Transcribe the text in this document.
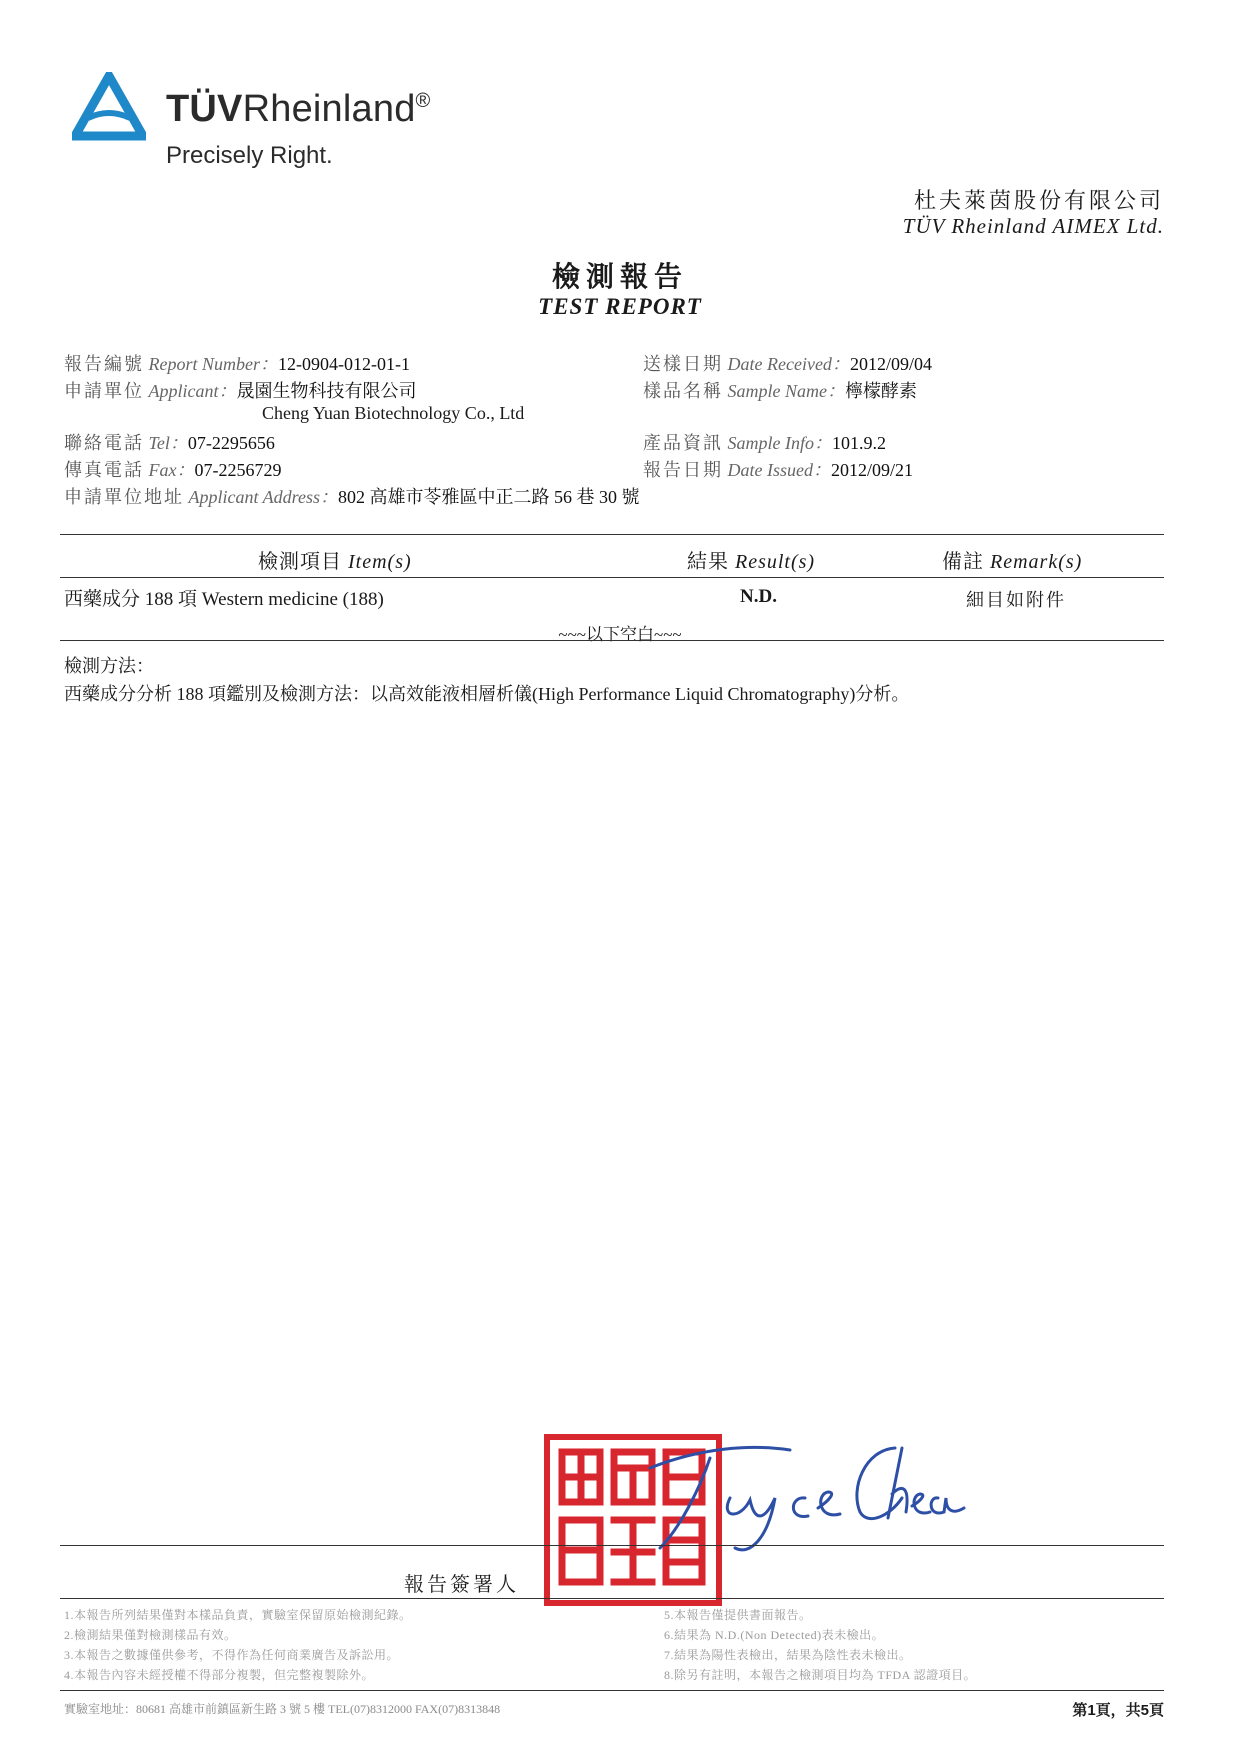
TÜVRheinland®
Precisely Right.
杜夫萊茵股份有限公司
TÜV Rheinland AIMEX Ltd.
檢測報告
TEST REPORT
報告編號 Report Number：12-0904-012-01-1	送樣日期 Date Received：2012/09/04
申請單位 Applicant：晟園生物科技有限公司	樣品名稱 Sample Name：檸檬酵素
Cheng Yuan Biotechnology Co., Ltd
聯絡電話 Tel：07-2295656	產品資訊 Sample Info：101.9.2
傳真電話 Fax：07-2256729	報告日期 Date Issued：2012/09/21
申請單位地址 Applicant Address：802 高雄市苓雅區中正二路 56 巷 30 號
檢測項目 Item(s)	結果 Result(s)	備註 Remark(s)
西藥成分 188 項 Western medicine (188)	N.D.	細目如附件
~~~以下空白~~~
檢測方法：
西藥成分分析 188 項鑑別及檢測方法：以高效能液相層析儀(High Performance Liquid Chromatography)分析。
報告簽署人
1.本報告所列結果僅對本樣品負責，實驗室保留原始檢測紀錄。
2.檢測結果僅對檢測樣品有效。
3.本報告之數據僅供參考，不得作為任何商業廣告及訴訟用。
4.本報告內容未經授權不得部分複製，但完整複製除外。
5.本報告僅提供書面報告。
6.結果為 N.D.(Non Detected)表未檢出。
7.結果為陽性表檢出，結果為陰性表未檢出。
8.除另有註明，本報告之檢測項目均為 TFDA 認證項目。
實驗室地址：80681 高雄市前鎮區新生路 3 號 5 樓 TEL(07)8312000 FAX(07)8313848	第1頁，共5頁
